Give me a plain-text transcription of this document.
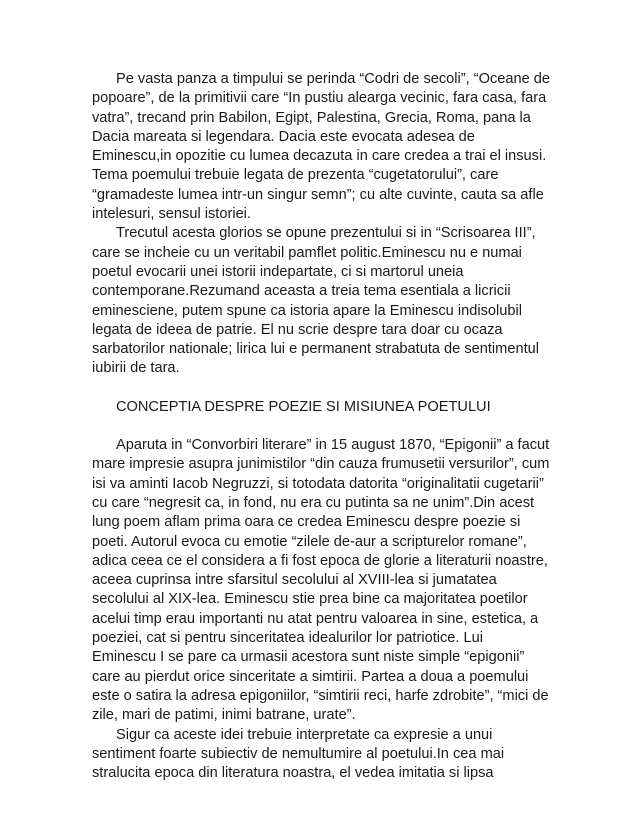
Pe vasta panza a timpului se perinda “Codri de secoli”, “Oceane de popoare”, de la primitivii care “In pustiu alearga vecinic, fara casa, fara vatra”, trecand prin Babilon, Egipt, Palestina, Grecia, Roma, pana la Dacia mareata si legendara. Dacia este evocata adesea de Eminescu,in opozitie cu lumea decazuta in care credea a trai el insusi. Tema poemului trebuie legata de prezenta “cugetatorului”, care “gramadeste lumea intr-un singur semn”; cu alte cuvinte, cauta sa afle intelesuri, sensul istoriei.

Trecutul acesta glorios se opune prezentului si in “Scrisoarea III”, care se incheie cu un veritabil pamflet politic.Eminescu nu e numai poetul evocarii unei istorii indepartate, ci si martorul uneia contemporane.Rezumand aceasta a treia tema esentiala a licricii eminesciene, putem spune ca istoria apare la Eminescu indisolubil legata de ideea de patrie. El nu scrie despre tara doar cu ocaza sarbatorilor nationale; lirica lui e permanent strabatuta de sentimentul iubirii de tara.

CONCEPTIA DESPRE POEZIE SI MISIUNEA POETULUI

Aparuta in “Convorbiri literare” in 15 august 1870, “Epigonii” a facut mare impresie asupra junimistilor “din cauza frumusetii versurilor”, cum isi va aminti Iacob Negruzzi, si totodata datorita “originalitatii cugetarii” cu care “negresit ca, in fond, nu era cu putinta sa ne unim”.Din acest lung poem aflam prima oara ce credea Eminescu despre poezie si poeti. Autorul evoca cu emotie “zilele de-aur a scripturelor romane”, adica ceea ce el considera a fi fost epoca de glorie a literaturii noastre, aceea cuprinsa intre sfarsitul secolului al XVIII-lea si jumatatea secolului al XIX-lea. Eminescu stie prea bine ca majoritatea poetilor acelui timp erau importanti nu atat pentru valoarea in sine, estetica, a poeziei, cat si pentru sinceritatea idealurilor lor patriotice. Lui Eminescu I se pare ca urmasii acestora sunt niste simple “epigonii” care au pierdut orice sinceritate a simtirii. Partea a doua a poemului este o satira la adresa epigoniilor, “simtirii reci, harfe zdrobite”, “mici de zile, mari de patimi, inimi batrane, urate”.

Sigur ca aceste idei trebuie interpretate ca expresie a unui sentiment foarte subiectiv de nemultumire al poetului.In cea mai stralucita epoca din literatura noastra, el vedea imitatia si lipsa
